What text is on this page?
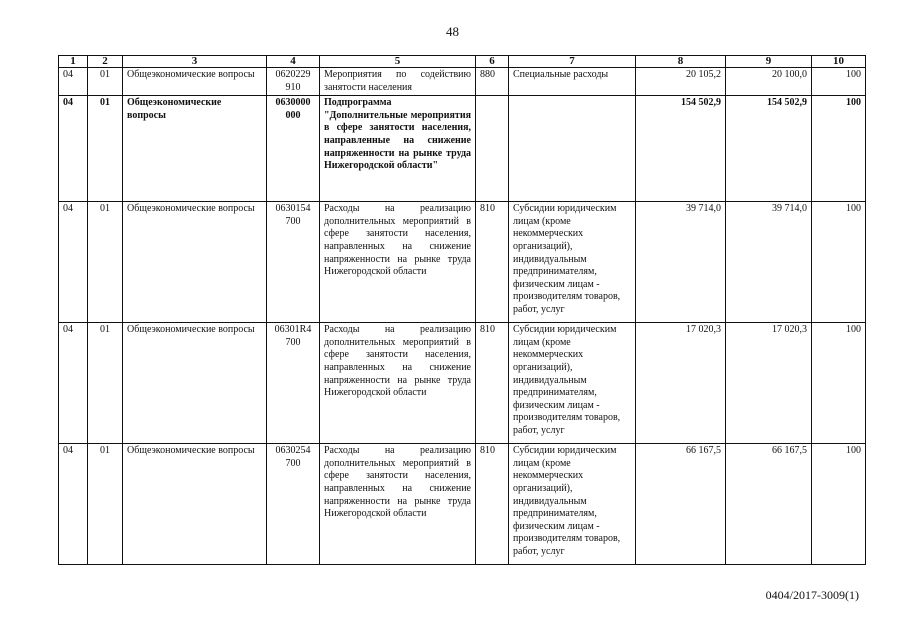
48
1	2	3	4	5	6	7	8	9	10
04	01	Общеэкономические вопросы	0620229 910	Мероприятия по содействию занятости населения	880	Специальные расходы	20 105,2	20 100,0	100
04	01	Общеэкономические вопросы	0630000 000	Подпрограмма "Дополнительные мероприятия в сфере занятости населения, направленные на снижение напряженности на рынке труда Нижегородской области"			154 502,9	154 502,9	100
04	01	Общеэкономические вопросы	0630154 700	Расходы на реализацию дополнительных мероприятий в сфере занятости населения, направленных на снижение напряженности на рынке труда Нижегородской области	810	Субсидии юридическим лицам (кроме некоммерческих организаций), индивидуальным предпринимателям, физическим лицам - производителям товаров, работ, услуг	39 714,0	39 714,0	100
04	01	Общеэкономические вопросы	06301R4 700	Расходы на реализацию дополнительных мероприятий в сфере занятости населения, направленных на снижение напряженности на рынке труда Нижегородской области	810	Субсидии юридическим лицам (кроме некоммерческих организаций), индивидуальным предпринимателям, физическим лицам - производителям товаров, работ, услуг	17 020,3	17 020,3	100
04	01	Общеэкономические вопросы	0630254 700	Расходы на реализацию дополнительных мероприятий в сфере занятости населения, направленных на снижение напряженности на рынке труда Нижегородской области	810	Субсидии юридическим лицам (кроме некоммерческих организаций), индивидуальным предпринимателям, физическим лицам - производителям товаров, работ, услуг	66 167,5	66 167,5	100
0404/2017-3009(1)
